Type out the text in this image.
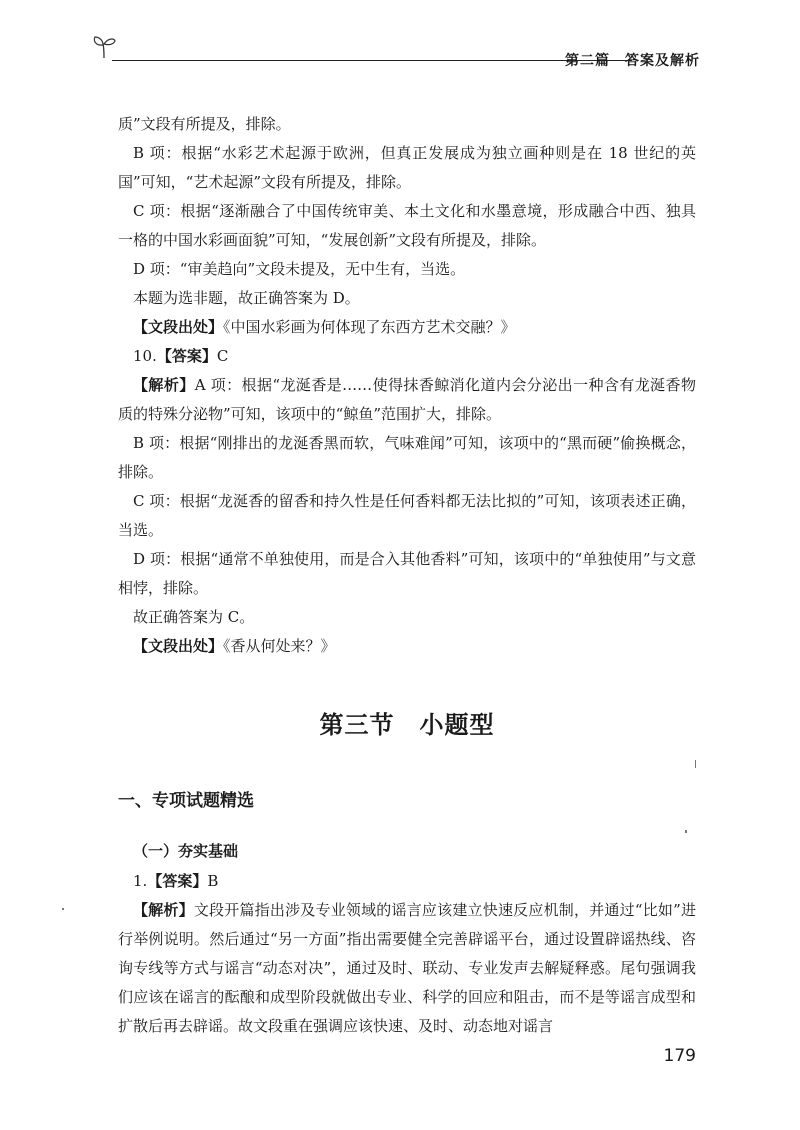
第二篇　答案及解析

质”文段有所提及，排除。

B 项：根据“水彩艺术起源于欧洲，但真正发展成为独立画种则是在 18 世纪的英国”可知，“艺术起源”文段有所提及，排除。

C 项：根据“逐渐融合了中国传统审美、本土文化和水墨意境，形成融合中西、独具一格的中国水彩画面貌”可知，“发展创新”文段有所提及，排除。

D 项：“审美趋向”文段未提及，无中生有，当选。

本题为选非题，故正确答案为 D。

【文段出处】《中国水彩画为何体现了东西方艺术交融？》

10.【答案】C

【解析】A 项：根据“龙涎香是……使得抹香鲸消化道内会分泌出一种含有龙涎香物质的特殊分泌物”可知，该项中的“鲸鱼”范围扩大，排除。

B 项：根据“刚排出的龙涎香黑而软，气味难闻”可知，该项中的“黑而硬”偷换概念，排除。

C 项：根据“龙涎香的留香和持久性是任何香料都无法比拟的”可知，该项表述正确，当选。

D 项：根据“通常不单独使用，而是合入其他香料”可知，该项中的“单独使用”与文意相悖，排除。

故正确答案为 C。

【文段出处】《香从何处来？》

第三节　小题型
一、专项试题精选
（一）夯实基础

1.【答案】B

【解析】文段开篇指出涉及专业领域的谣言应该建立快速反应机制，并通过“比如”进行举例说明。然后通过“另一方面”指出需要健全完善辟谣平台，通过设置辟谣热线、咨询专线等方式与谣言“动态对决”，通过及时、联动、专业发声去解疑释惑。尾句强调我们应该在谣言的酝酿和成型阶段就做出专业、科学的回应和阻击，而不是等谣言成型和扩散后再去辟谣。故文段重在强调应该快速、及时、动态地对谣言

179
